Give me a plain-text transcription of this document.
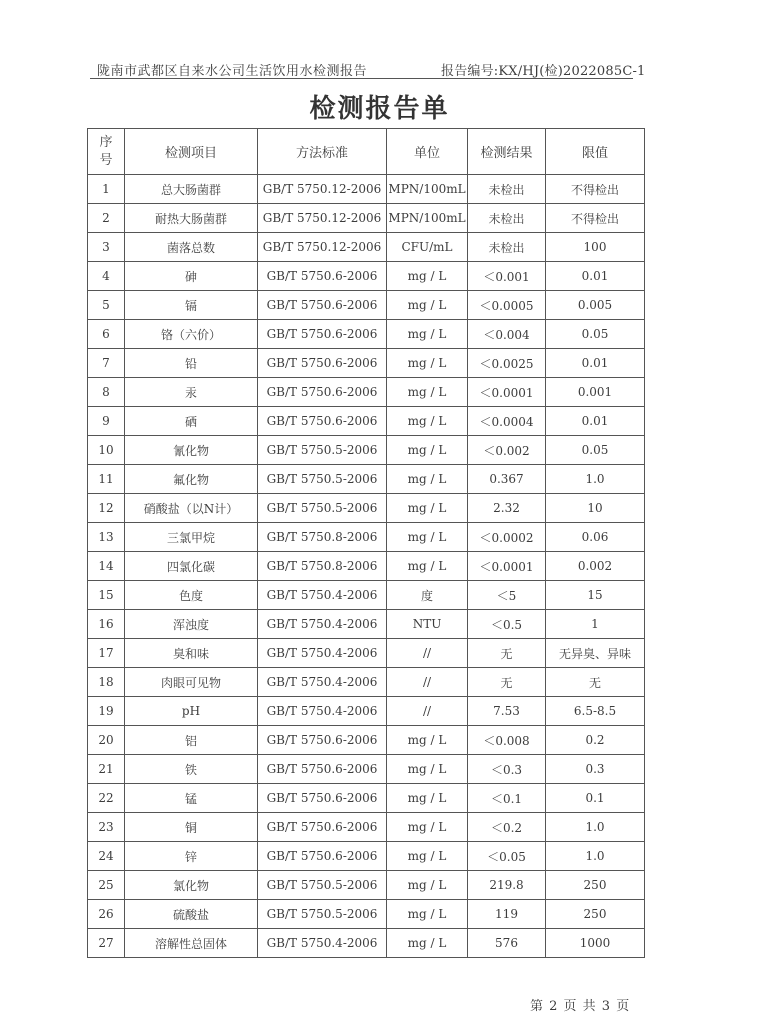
陇南市武都区自来水公司生活饮用水检测报告	报告编号:KX/HJ(检)2022085C-1
检测报告单
序
号	检测项目	方法标准	单位	检测结果	限值
1	总大肠菌群	GB/T 5750.12-2006	MPN/100mL	未检出	不得检出
2	耐热大肠菌群	GB/T 5750.12-2006	MPN/100mL	未检出	不得检出
3	菌落总数	GB/T 5750.12-2006	CFU/mL	未检出	100
4	砷	GB/T 5750.6-2006	mg / L	＜0.001	0.01
5	镉	GB/T 5750.6-2006	mg / L	＜0.0005	0.005
6	铬（六价）	GB/T 5750.6-2006	mg / L	＜0.004	0.05
7	铅	GB/T 5750.6-2006	mg / L	＜0.0025	0.01
8	汞	GB/T 5750.6-2006	mg / L	＜0.0001	0.001
9	硒	GB/T 5750.6-2006	mg / L	＜0.0004	0.01
10	氰化物	GB/T 5750.5-2006	mg / L	＜0.002	0.05
11	氟化物	GB/T 5750.5-2006	mg / L	0.367	1.0
12	硝酸盐（以N计）	GB/T 5750.5-2006	mg / L	2.32	10
13	三氯甲烷	GB/T 5750.8-2006	mg / L	＜0.0002	0.06
14	四氯化碳	GB/T 5750.8-2006	mg / L	＜0.0001	0.002
15	色度	GB/T 5750.4-2006	度	＜5	15
16	浑浊度	GB/T 5750.4-2006	NTU	＜0.5	1
17	臭和味	GB/T 5750.4-2006	//	无	无异臭、异味
18	肉眼可见物	GB/T 5750.4-2006	//	无	无
19	pH	GB/T 5750.4-2006	//	7.53	6.5-8.5
20	铝	GB/T 5750.6-2006	mg / L	＜0.008	0.2
21	铁	GB/T 5750.6-2006	mg / L	＜0.3	0.3
22	锰	GB/T 5750.6-2006	mg / L	＜0.1	0.1
23	铜	GB/T 5750.6-2006	mg / L	＜0.2	1.0
24	锌	GB/T 5750.6-2006	mg / L	＜0.05	1.0
25	氯化物	GB/T 5750.5-2006	mg / L	219.8	250
26	硫酸盐	GB/T 5750.5-2006	mg / L	119	250
27	溶解性总固体	GB/T 5750.4-2006	mg / L	576	1000
第 2 页 共 3 页
